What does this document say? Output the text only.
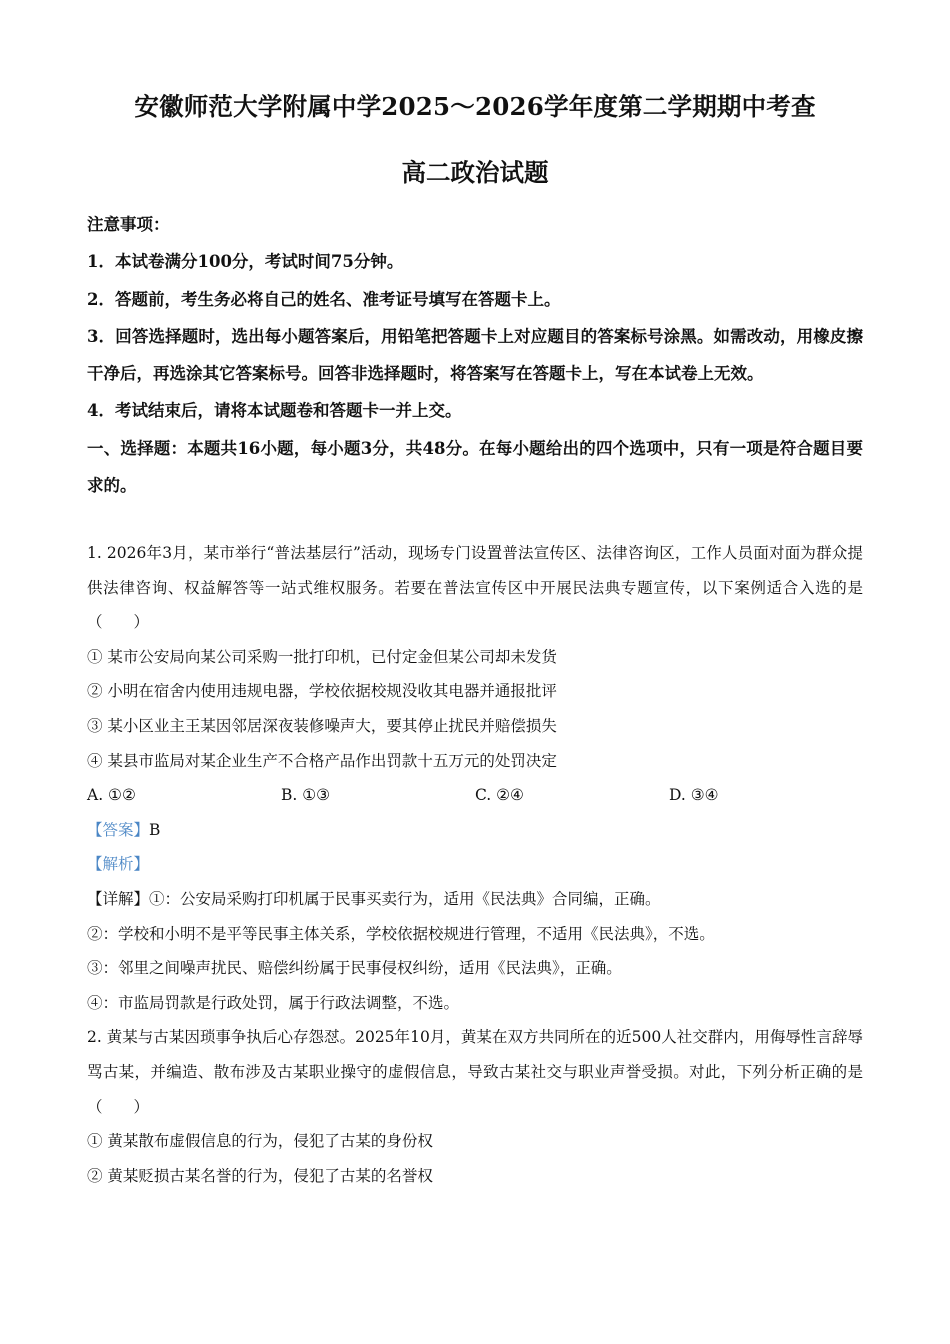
安徽师范大学附属中学2025～2026学年度第二学期期中考查
高二政治试题

注意事项：

1．本试卷满分100分，考试时间75分钟。

2．答题前，考生务必将自己的姓名、准考证号填写在答题卡上。

3．回答选择题时，选出每小题答案后，用铅笔把答题卡上对应题目的答案标号涂黑。如需改动，用橡皮擦干净后，再选涂其它答案标号。回答非选择题时，将答案写在答题卡上，写在本试卷上无效。

4．考试结束后，请将本试题卷和答题卡一并上交。

一、选择题：本题共16小题，每小题3分，共48分。在每小题给出的四个选项中，只有一项是符合题目要求的。

1. 2026年3月，某市举行“普法基层行”活动，现场专门设置普法宣传区、法律咨询区，工作人员面对面为群众提供法律咨询、权益解答等一站式维权服务。若要在普法宣传区中开展民法典专题宣传，以下案例适合入选的是（　　）

① 某市公安局向某公司采购一批打印机，已付定金但某公司却未发货

② 小明在宿舍内使用违规电器，学校依据校规没收其电器并通报批评

③ 某小区业主王某因邻居深夜装修噪声大，要其停止扰民并赔偿损失

④ 某县市监局对某企业生产不合格产品作出罚款十五万元的处罚决定

A. ①②	B. ①③	C. ②④	D. ③④

【答案】B

【解析】

【详解】①：公安局采购打印机属于民事买卖行为，适用《民法典》合同编，正确。

②：学校和小明不是平等民事主体关系，学校依据校规进行管理，不适用《民法典》，不选。

③：邻里之间噪声扰民、赔偿纠纷属于民事侵权纠纷，适用《民法典》，正确。

④：市监局罚款是行政处罚，属于行政法调整，不选。

2. 黄某与古某因琐事争执后心存怨怼。2025年10月，黄某在双方共同所在的近500人社交群内，用侮辱性言辞辱骂古某，并编造、散布涉及古某职业操守的虚假信息，导致古某社交与职业声誉受损。对此，下列分析正确的是（　　）

① 黄某散布虚假信息的行为，侵犯了古某的身份权

② 黄某贬损古某名誉的行为，侵犯了古某的名誉权
